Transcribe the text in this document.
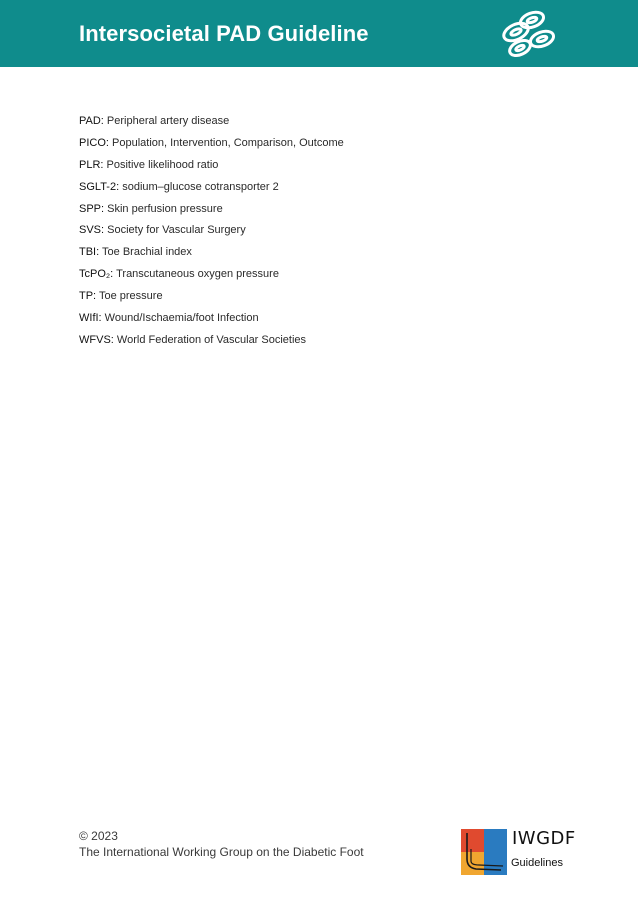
Intersocietal PAD Guideline
PAD: Peripheral artery disease
PICO: Population, Intervention, Comparison, Outcome
PLR: Positive likelihood ratio
SGLT-2: sodium–glucose cotransporter 2
SPP: Skin perfusion pressure
SVS: Society for Vascular Surgery
TBI: Toe Brachial index
TcPO₂: Transcutaneous oxygen pressure
TP: Toe pressure
WIfI: Wound/Ischaemia/foot Infection
WFVS: World Federation of Vascular Societies
© 2023
The International Working Group on the Diabetic Foot
IWGDF
Guidelines
